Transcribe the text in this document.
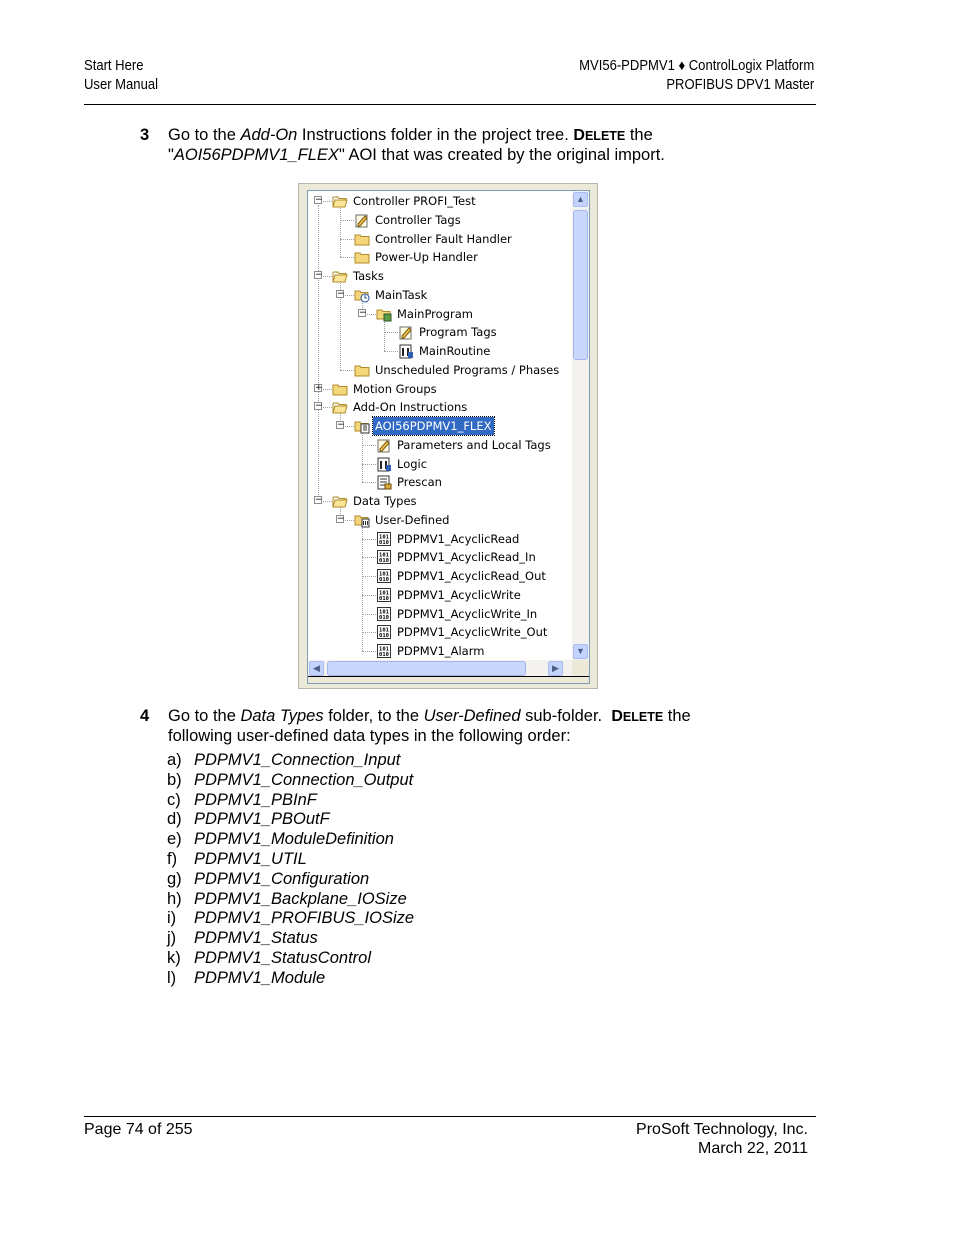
Start Here
User Manual
MVI56-PDPMV1 ♦ ControlLogix Platform
PROFIBUS DPV1 Master
3 Go to the Add-On Instructions folder in the project tree. DELETE the
"AOI56PDPMV1_FLEX" AOI that was created by the original import.
−	Controller PROFI_Test
Controller Tags
Controller Fault Handler
Power-Up Handler
−	Tasks
−	MainTask
−	MainProgram
Program Tags
MainRoutine
Unscheduled Programs / Phases
+	Motion Groups
−	Add-On Instructions
−	AOI56PDPMV1_FLEX
Parameters and Local Tags
Logic
Prescan
−	Data Types
−	User-Defined
101
010 PDPMV1_AcyclicRead
101
010 PDPMV1_AcyclicRead_In
101
010 PDPMV1_AcyclicRead_Out
101
010 PDPMV1_AcyclicWrite
101
010 PDPMV1_AcyclicWrite_In
101
010 PDPMV1_AcyclicWrite_Out
101
010 PDPMV1_Alarm
▲
▼
◀	▶
4 Go to the Data Types folder, to the User-Defined sub-folder.  DELETE the
following user-defined data types in the following order:
a) PDPMV1_Connection_Input
b) PDPMV1_Connection_Output
c) PDPMV1_PBInF
d) PDPMV1_PBOutF
e) PDPMV1_ModuleDefinition
f) PDPMV1_UTIL
g) PDPMV1_Configuration
h) PDPMV1_Backplane_IOSize
i) PDPMV1_PROFIBUS_IOSize
j) PDPMV1_Status
k) PDPMV1_StatusControl
l) PDPMV1_Module
Page 74 of 255	ProSoft Technology, Inc.
March 22, 2011
